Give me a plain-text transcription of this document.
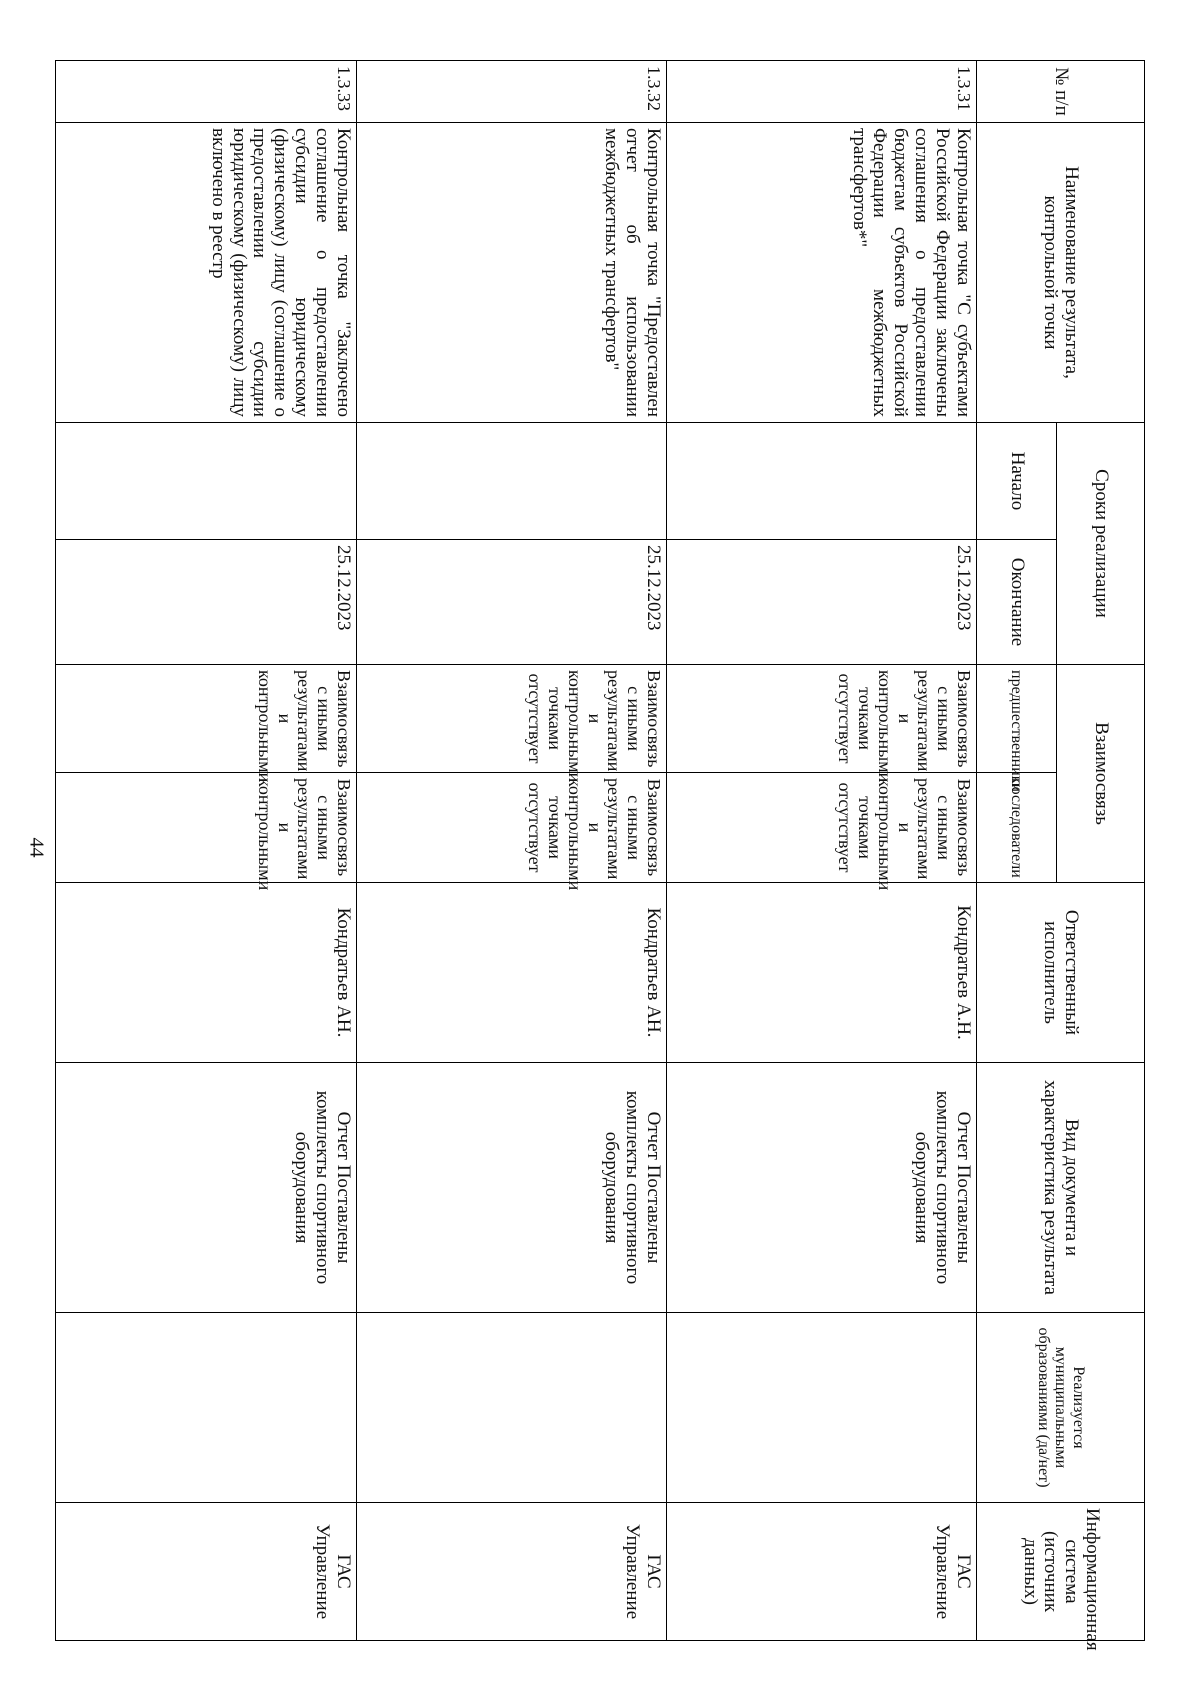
44
№ п/п	Наименование результата, контрольной точки	Сроки реализации		Взаимосвязь		Ответственный исполнитель	Вид документа и характеристика результата	Реализуется муниципальными образованиями (да/нет)	Информационная система (источник данных)
		Начало	Окончание	предшественники	последователи				
1.3.31	Контрольная точка "С субъектами Российской Федерации заключены соглашения о предоставлении бюджетам субъектов Российской Федерации межбюджетных трансфертов*"		25.12.2023	Взаимосвязь с иными результатами и контрольными точками отсутствует	Взаимосвязь с иными результатами и контрольными точками отсутствует	Кондратьев А.Н.	Отчет Поставлены комплекты спортивного оборудования		ГАС Управление
1.3.32	Контрольная точка "Предоставлен отчет об использовании межбюджетных трансфертов"		25.12.2023	Взаимосвязь с иными результатами и контрольными точками отсутствует	Взаимосвязь с иными результатами и контрольными точками отсутствует	Кондратьев АН.	Отчет Поставлены комплекты спортивного оборудования		ГАС Управление
1.3.33	Контрольная точка "Заключено соглашение о предоставлении субсидии юридическому (физическому) лицу (соглашение о предоставлении субсидии юридическому (физическому) лицу включено в реестр		25.12.2023	Взаимосвязь с иными результатами и контрольными	Взаимосвязь с иными результатами и контрольными	Кондратьев АН.	Отчет Поставлены комплекты спортивного оборудования		ГАС Управление
